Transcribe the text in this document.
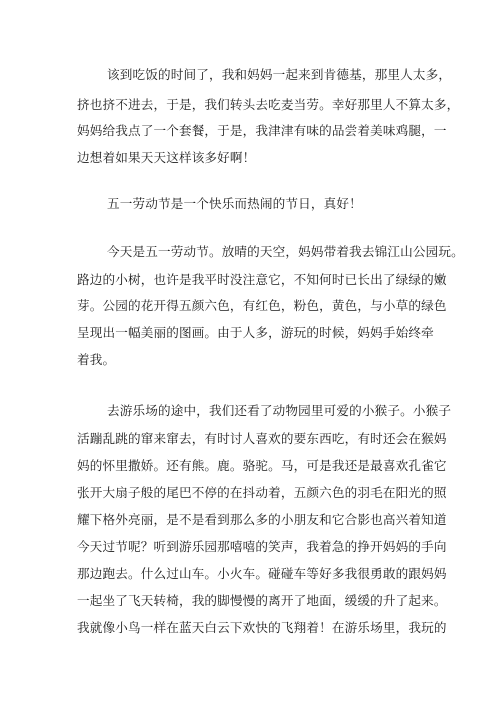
该到吃饭的时间了，我和妈妈一起来到肯德基，那里人太多，
挤也挤不进去，于是，我们转头去吃麦当劳。幸好那里人不算太多，
妈妈给我点了一个套餐，于是，我津津有味的品尝着美味鸡腿，一
边想着如果天天这样该多好啊！
五一劳动节是一个快乐而热闹的节日，真好！
今天是五一劳动节。放晴的天空，妈妈带着我去锦江山公园玩。
路边的小树，也许是我平时没注意它，不知何时已长出了绿绿的嫩
芽。公园的花开得五颜六色，有红色，粉色，黄色，与小草的绿色
呈现出一幅美丽的图画。由于人多，游玩的时候，妈妈手始终牵
着我。
去游乐场的途中，我们还看了动物园里可爱的小猴子。小猴子
活蹦乱跳的窜来窜去，有时讨人喜欢的要东西吃，有时还会在猴妈
妈的怀里撒娇。还有熊。鹿。骆驼。马，可是我还是最喜欢孔雀它
张开大扇子般的尾巴不停的在抖动着，五颜六色的羽毛在阳光的照
耀下格外亮丽，是不是看到那么多的小朋友和它合影也高兴着知道
今天过节呢？听到游乐园那嘻嘻的笑声，我着急的挣开妈妈的手向
那边跑去。什么过山车。小火车。碰碰车等好多我很勇敢的跟妈妈
一起坐了飞天转椅，我的脚慢慢的离开了地面，缓缓的升了起来。
我就像小鸟一样在蓝天白云下欢快的飞翔着！在游乐场里，我玩的
